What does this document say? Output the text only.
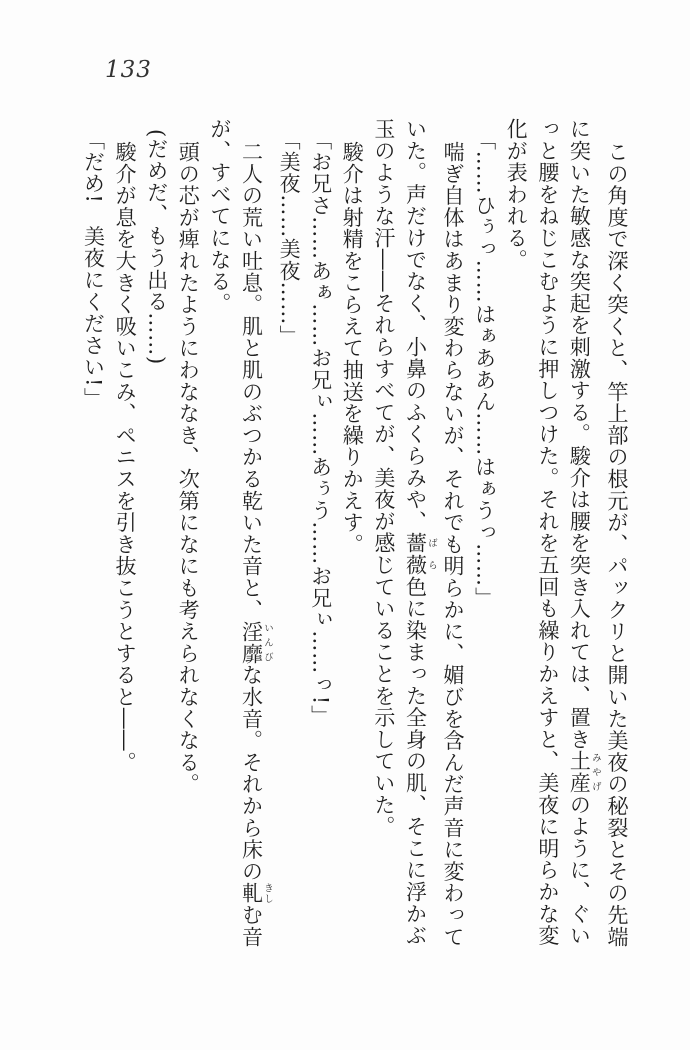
133
この角度で深く突くと、竿上部の根元が、パックリと開いた美夜の秘裂とその先端
に突いた敏感な突起を刺激する。駿介は腰を突き入れては、置き土産みやげのように、ぐい
っと腰をねじこむように押しつけた。それを五回も繰りかえすと、美夜に明らかな変
化が表われる。
「……ひぅっ……はぁああん……はぁうっ……」
喘ぎ自体はあまり変わらないが、それでも明らかに、媚びを含んだ声音に変わって
いた。声だけでなく、小鼻のふくらみや、薔薇ばら色に染まった全身の肌、そこに浮かぶ
玉のような汗――それらすべてが、美夜が感じていることを示していた。
駿介は射精をこらえて抽送を繰りかえす。
「お兄さ……あぁ……お兄ぃ……あぅう……お兄ぃ……っ!」
「美夜……美夜……」
二人の荒い吐息。肌と肌のぶつかる乾いた音と、淫靡いんびな水音。それから床の軋きしむ音
が、すべてになる。
頭の芯が痺れたようにわななき、次第になにも考えられなくなる。
(だめだ、もう出る……)
駿介が息を大きく吸いこみ、ペニスを引き抜こうとすると――。
「だめ!　美夜にください!」
